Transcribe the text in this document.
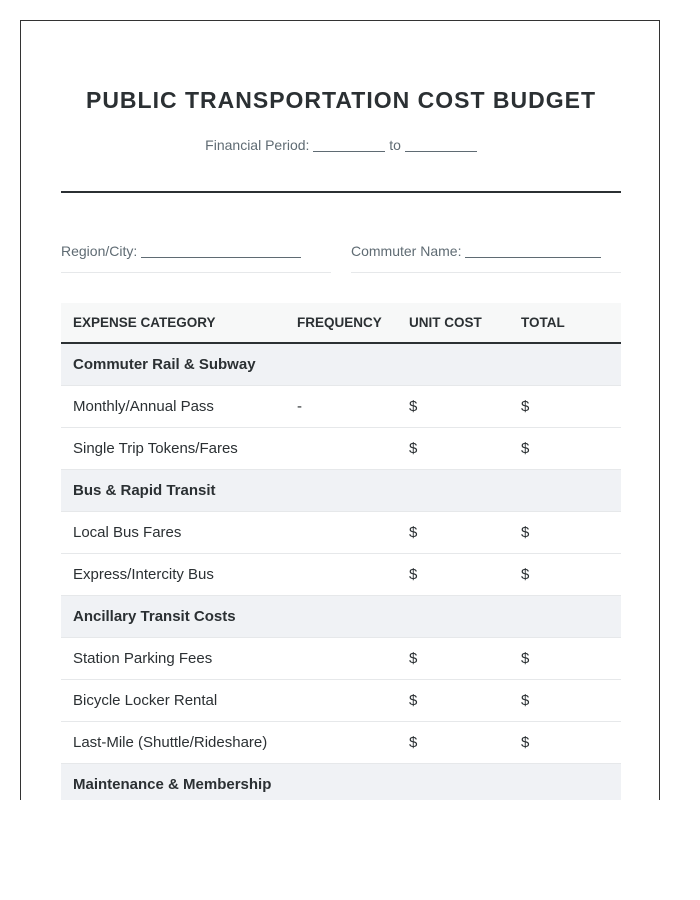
PUBLIC TRANSPORTATION COST BUDGET
Financial Period:	to
Region/City:	Commuter Name:
EXPENSE CATEGORY	FREQUENCY	UNIT COST	TOTAL
Commuter Rail & Subway			
Monthly/Annual Pass	-	$	$
Single Trip Tokens/Fares		$	$
Bus & Rapid Transit			
Local Bus Fares		$	$
Express/Intercity Bus		$	$
Ancillary Transit Costs			
Station Parking Fees		$	$
Bicycle Locker Rental		$	$
Last-Mile (Shuttle/Rideshare)		$	$
Maintenance & Membership			
